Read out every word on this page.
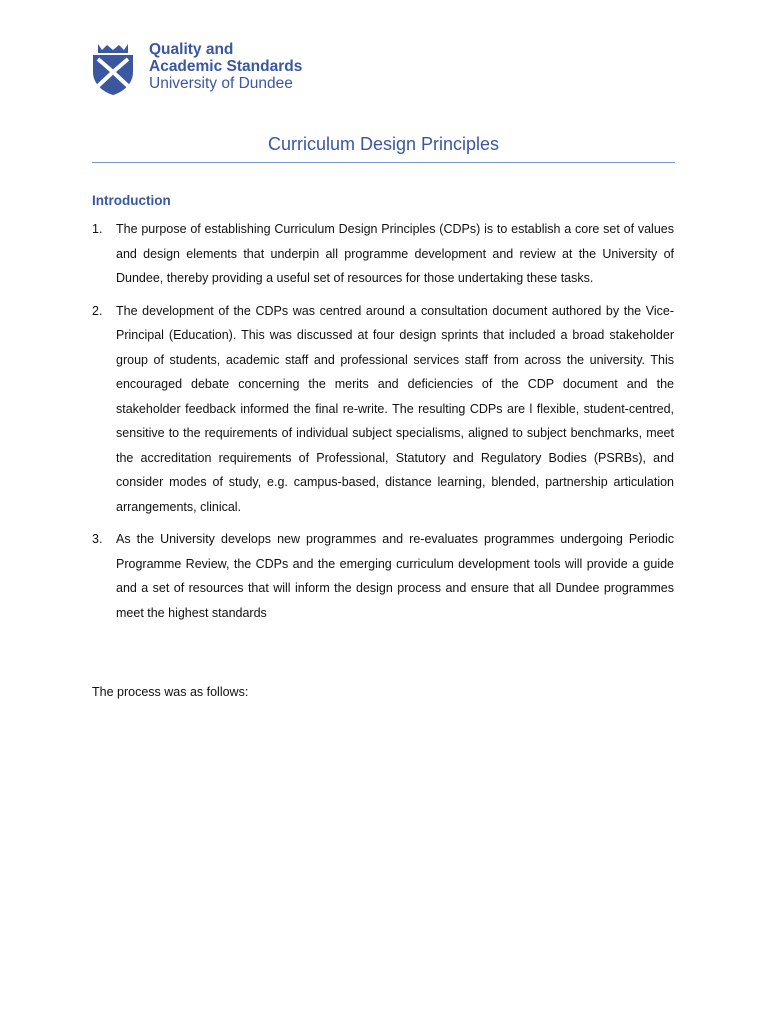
Quality and
Academic Standards
University of Dundee
Curriculum Design Principles
Introduction
1. The purpose of establishing Curriculum Design Principles (CDPs) is to establish a core set of values and design elements that underpin all programme development and review at the University of Dundee, thereby providing a useful set of resources for those undertaking these tasks.
2. The development of the CDPs was centred around a consultation document authored by the Vice- Principal (Education). This was discussed at four design sprints that included a broad stakeholder group of students, academic staff and professional services staff from across the university. This encouraged debate concerning the merits and deficiencies of the CDP document and the stakeholder feedback informed the final re-write. The resulting CDPs are l flexible, student-centred, sensitive to the requirements of individual subject specialisms, aligned to subject benchmarks, meet the accreditation requirements of Professional, Statutory and Regulatory Bodies (PSRBs), and consider modes of study, e.g. campus-based, distance learning, blended, partnership articulation arrangements, clinical.
3. As the University develops new programmes and re-evaluates programmes undergoing Periodic Programme Review, the CDPs and the emerging curriculum development tools will provide a guide and a set of resources that will inform the design process and ensure that all Dundee programmes meet the highest standards
The process was as follows:
